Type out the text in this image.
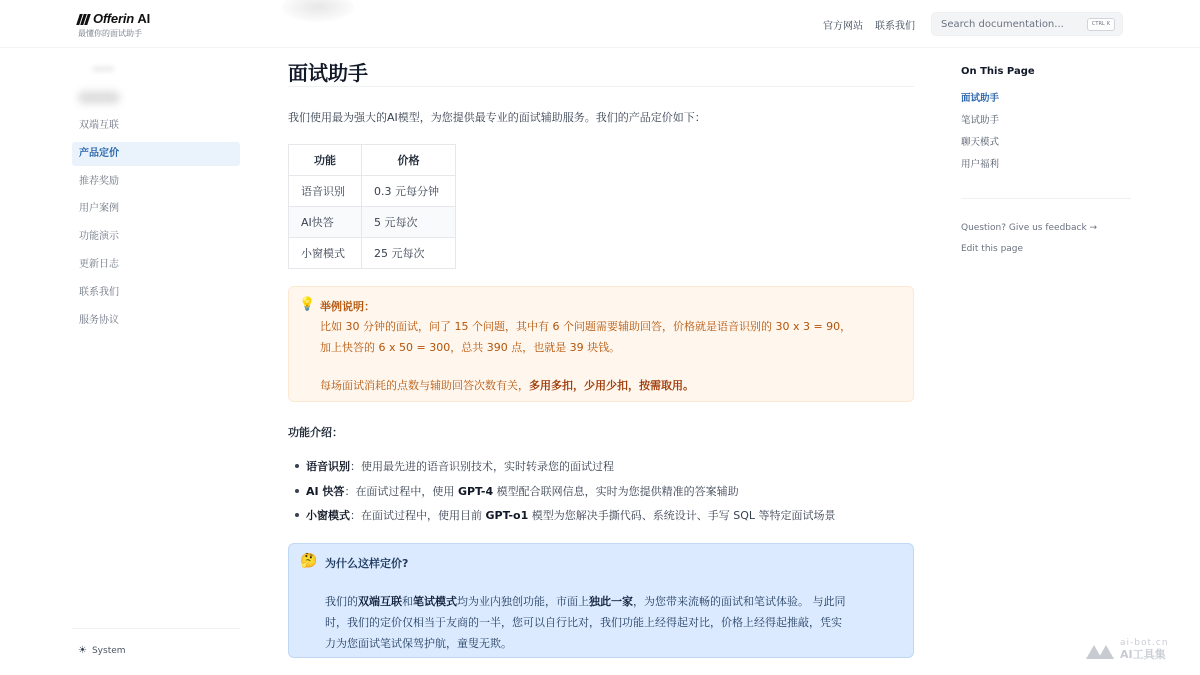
Offerin AI
最懂你的面试助手
官方网站 联系我们	Search documentation...	CTRL K
双端互联
产品定价
推荐奖励
用户案例
功能演示
更新日志
联系我们
服务协议
☀ System
面试助手

我们使用最为强大的AI模型，为您提供最专业的面试辅助服务。我们的产品定价如下：

功能	价格
语音识别	0.3 元每分钟
AI快答	5 元每次
小窗模式	25 元每次
💡 举例说明：
比如 30 分钟的面试，问了 15 个问题，其中有 6 个问题需要辅助回答，价格就是语音识别的 30 x 3 = 90，
加上快答的 6 x 50 = 300，总共 390 点，也就是 39 块钱。
每场面试消耗的点数与辅助回答次数有关，多用多扣，少用少扣，按需取用。
功能介绍：
语音识别：使用最先进的语音识别技术，实时转录您的面试过程
AI 快答：在面试过程中，使用 GPT-4 模型配合联网信息，实时为您提供精准的答案辅助
小窗模式：在面试过程中，使用目前 GPT-o1 模型为您解决手撕代码、系统设计、手写 SQL 等特定面试场景
🤔 为什么这样定价?
我们的双端互联和笔试模式均为业内独创功能，市面上独此一家，为您带来流畅的面试和笔试体验。 与此同
时，我们的定价仅相当于友商的一半，您可以自行比对，我们功能上经得起对比，价格上经得起推敲，凭实
力为您面试笔试保驾护航，童叟无欺。
On This Page
面试助手
笔试助手
聊天模式
用户福利
Question? Give us feedback →
Edit this page
ai-bot.cn
AI工具集
